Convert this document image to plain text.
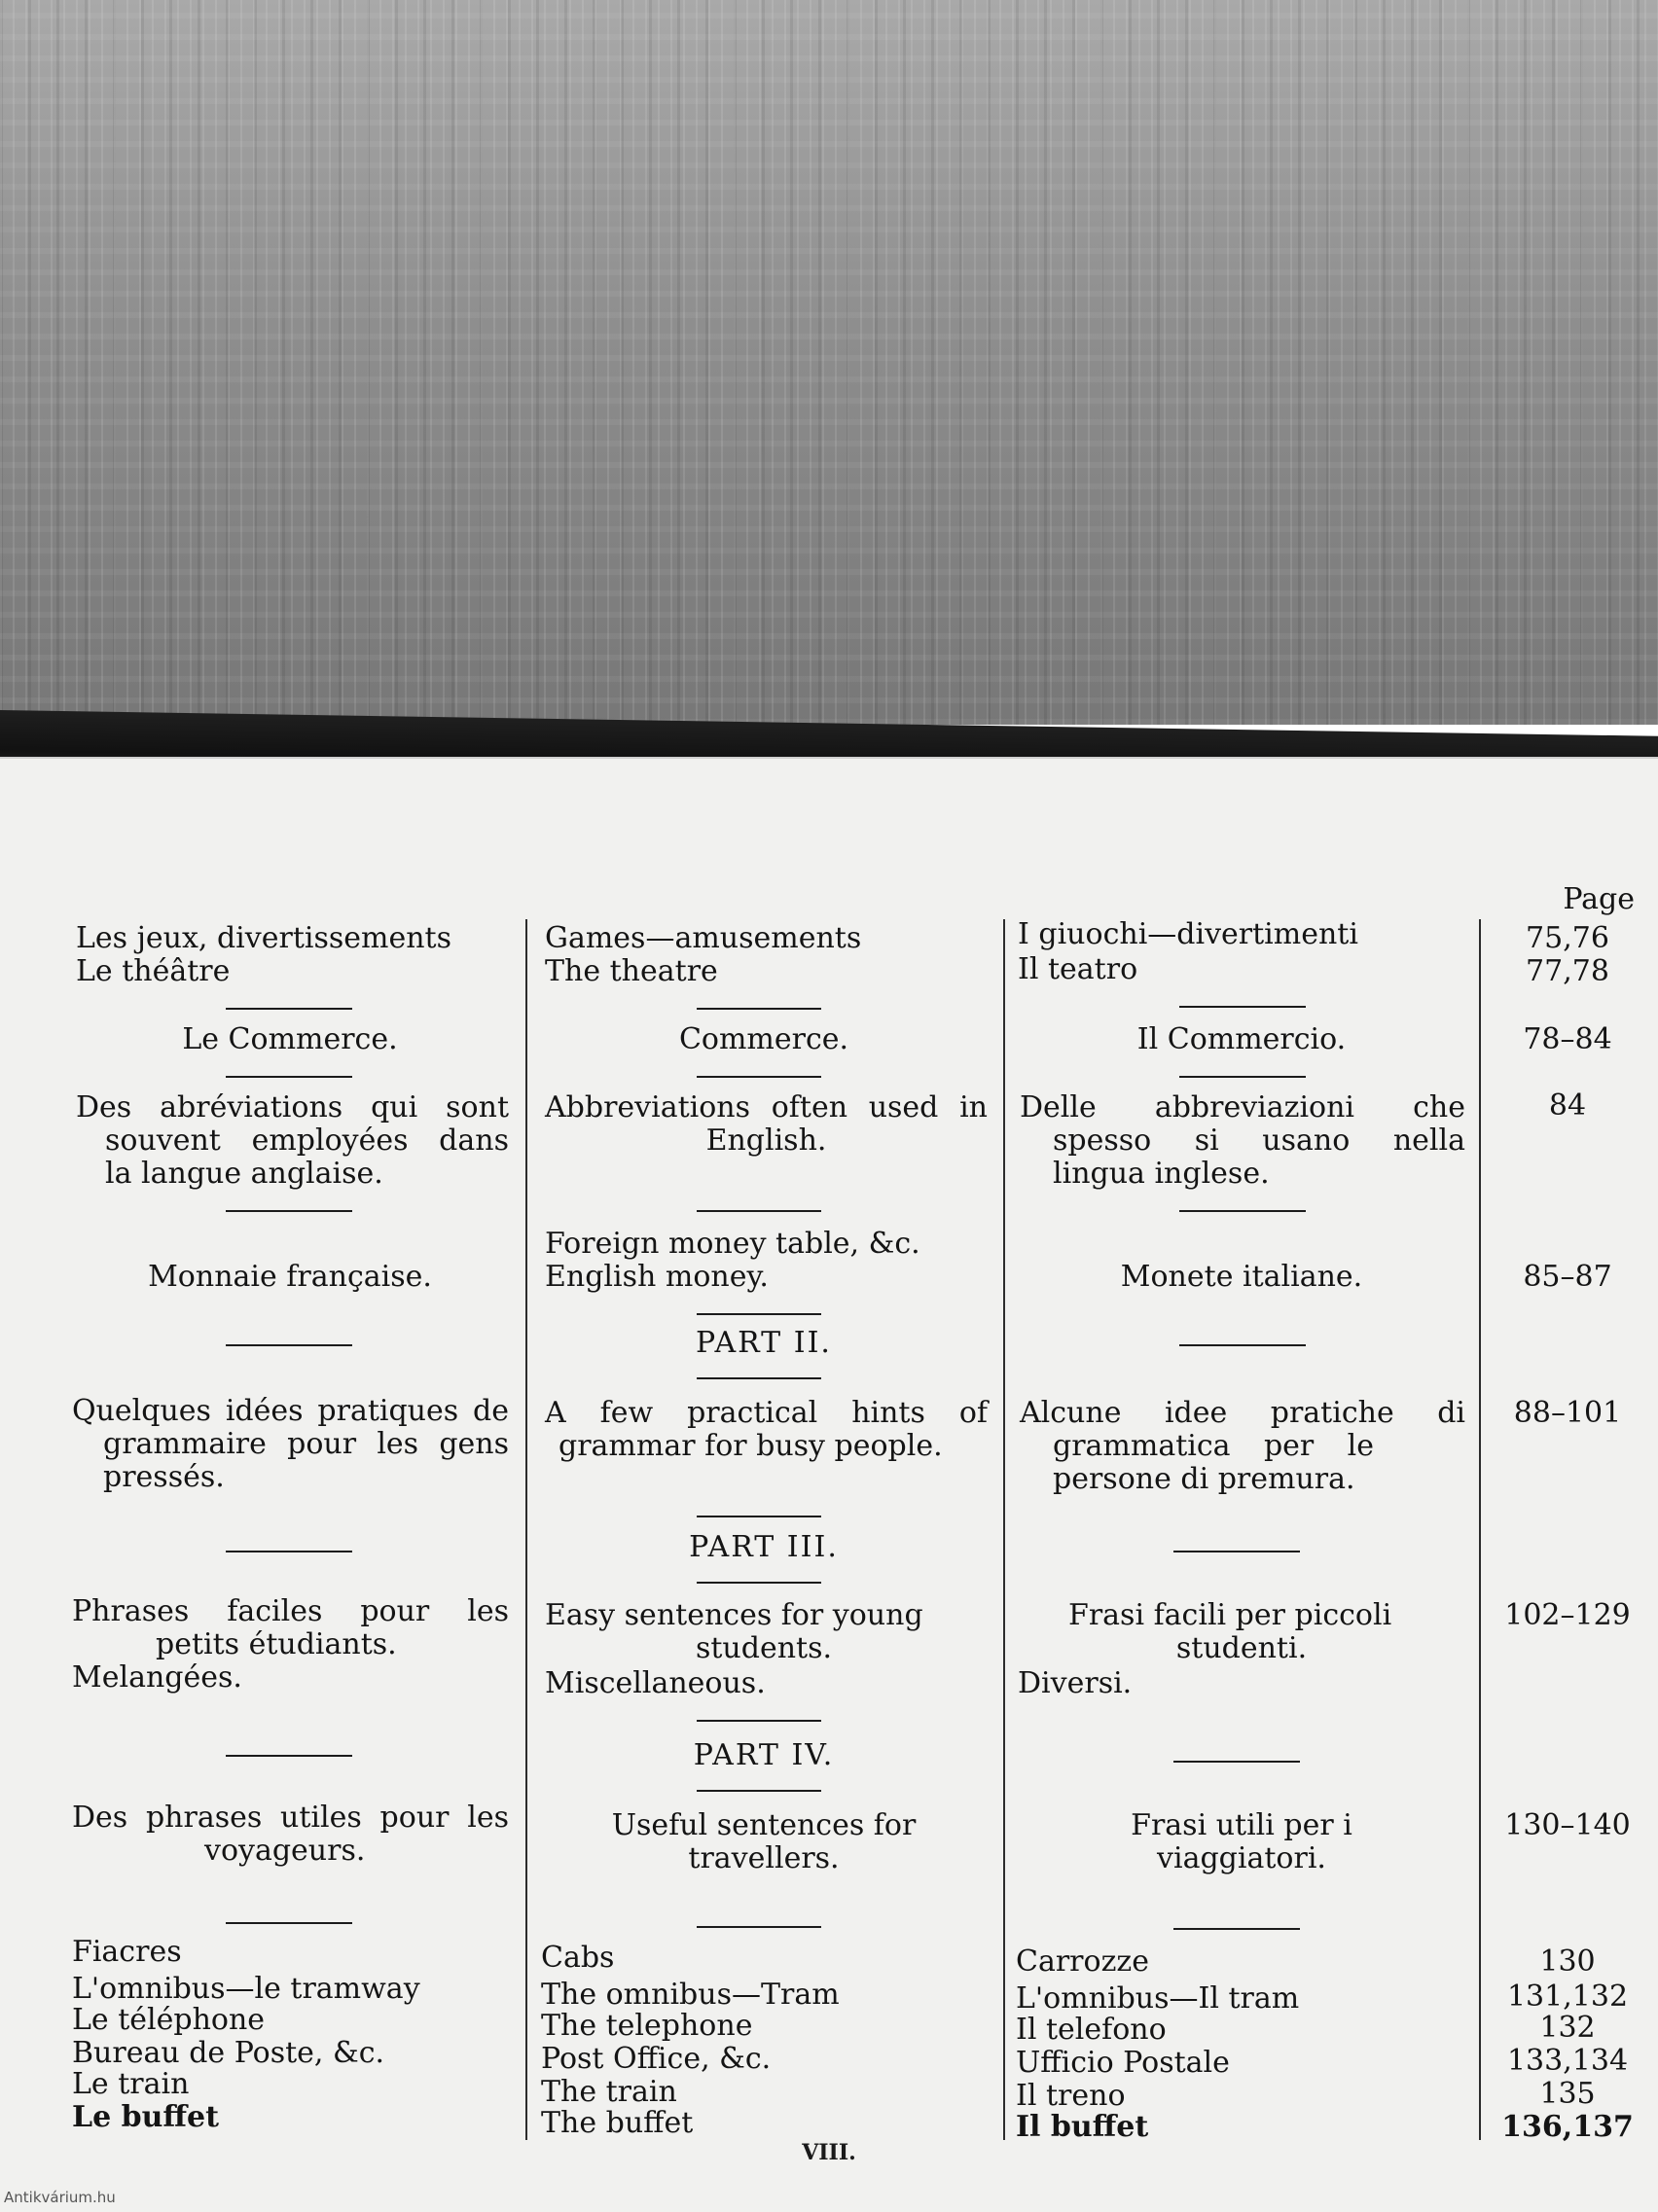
Page

Les jeux, divertissements

Le théâtre

Le Commerce.

Des abréviations qui sont

souvent employées dans

la langue anglaise.

Monnaie française.

Quelques idées pratiques de

grammaire pour les gens

pressés.

Phrases faciles pour les

petits étudiants.

Melangées.

Des phrases utiles pour les

voyageurs.

Fiacres

L'omnibus—le tramway

Le téléphone

Bureau de Poste, &c.

Le train

Le buffet

Games—amusements

The theatre

Commerce.

Abbreviations often used in

English.

Foreign money table, &c.

English money.

PART II.

A few practical hints of

grammar for busy people.

PART III.

Easy sentences for young

students.

Miscellaneous.

PART IV.

Useful sentences for

travellers.

Cabs

The omnibus—Tram

The telephone

Post Office, &c.

The train

The buffet

I giuochi—divertimenti

Il teatro

Il Commercio.

Delle abbreviazioni che

spesso si usano nella

lingua inglese.

Monete italiane.

Alcune idee pratiche di

grammatica per le

persone di premura.

Frasi facili per piccoli

studenti.

Diversi.

Frasi utili per i

viaggiatori.

Carrozze

L'omnibus—Il tram

Il telefono

Ufficio Postale

Il treno

Il buffet

75,76

77,78

78–84

84

85–87

88–101

102–129

130–140

130

131,132

132

133,134

135

136,137

VIII.
Antikvárium.hu
